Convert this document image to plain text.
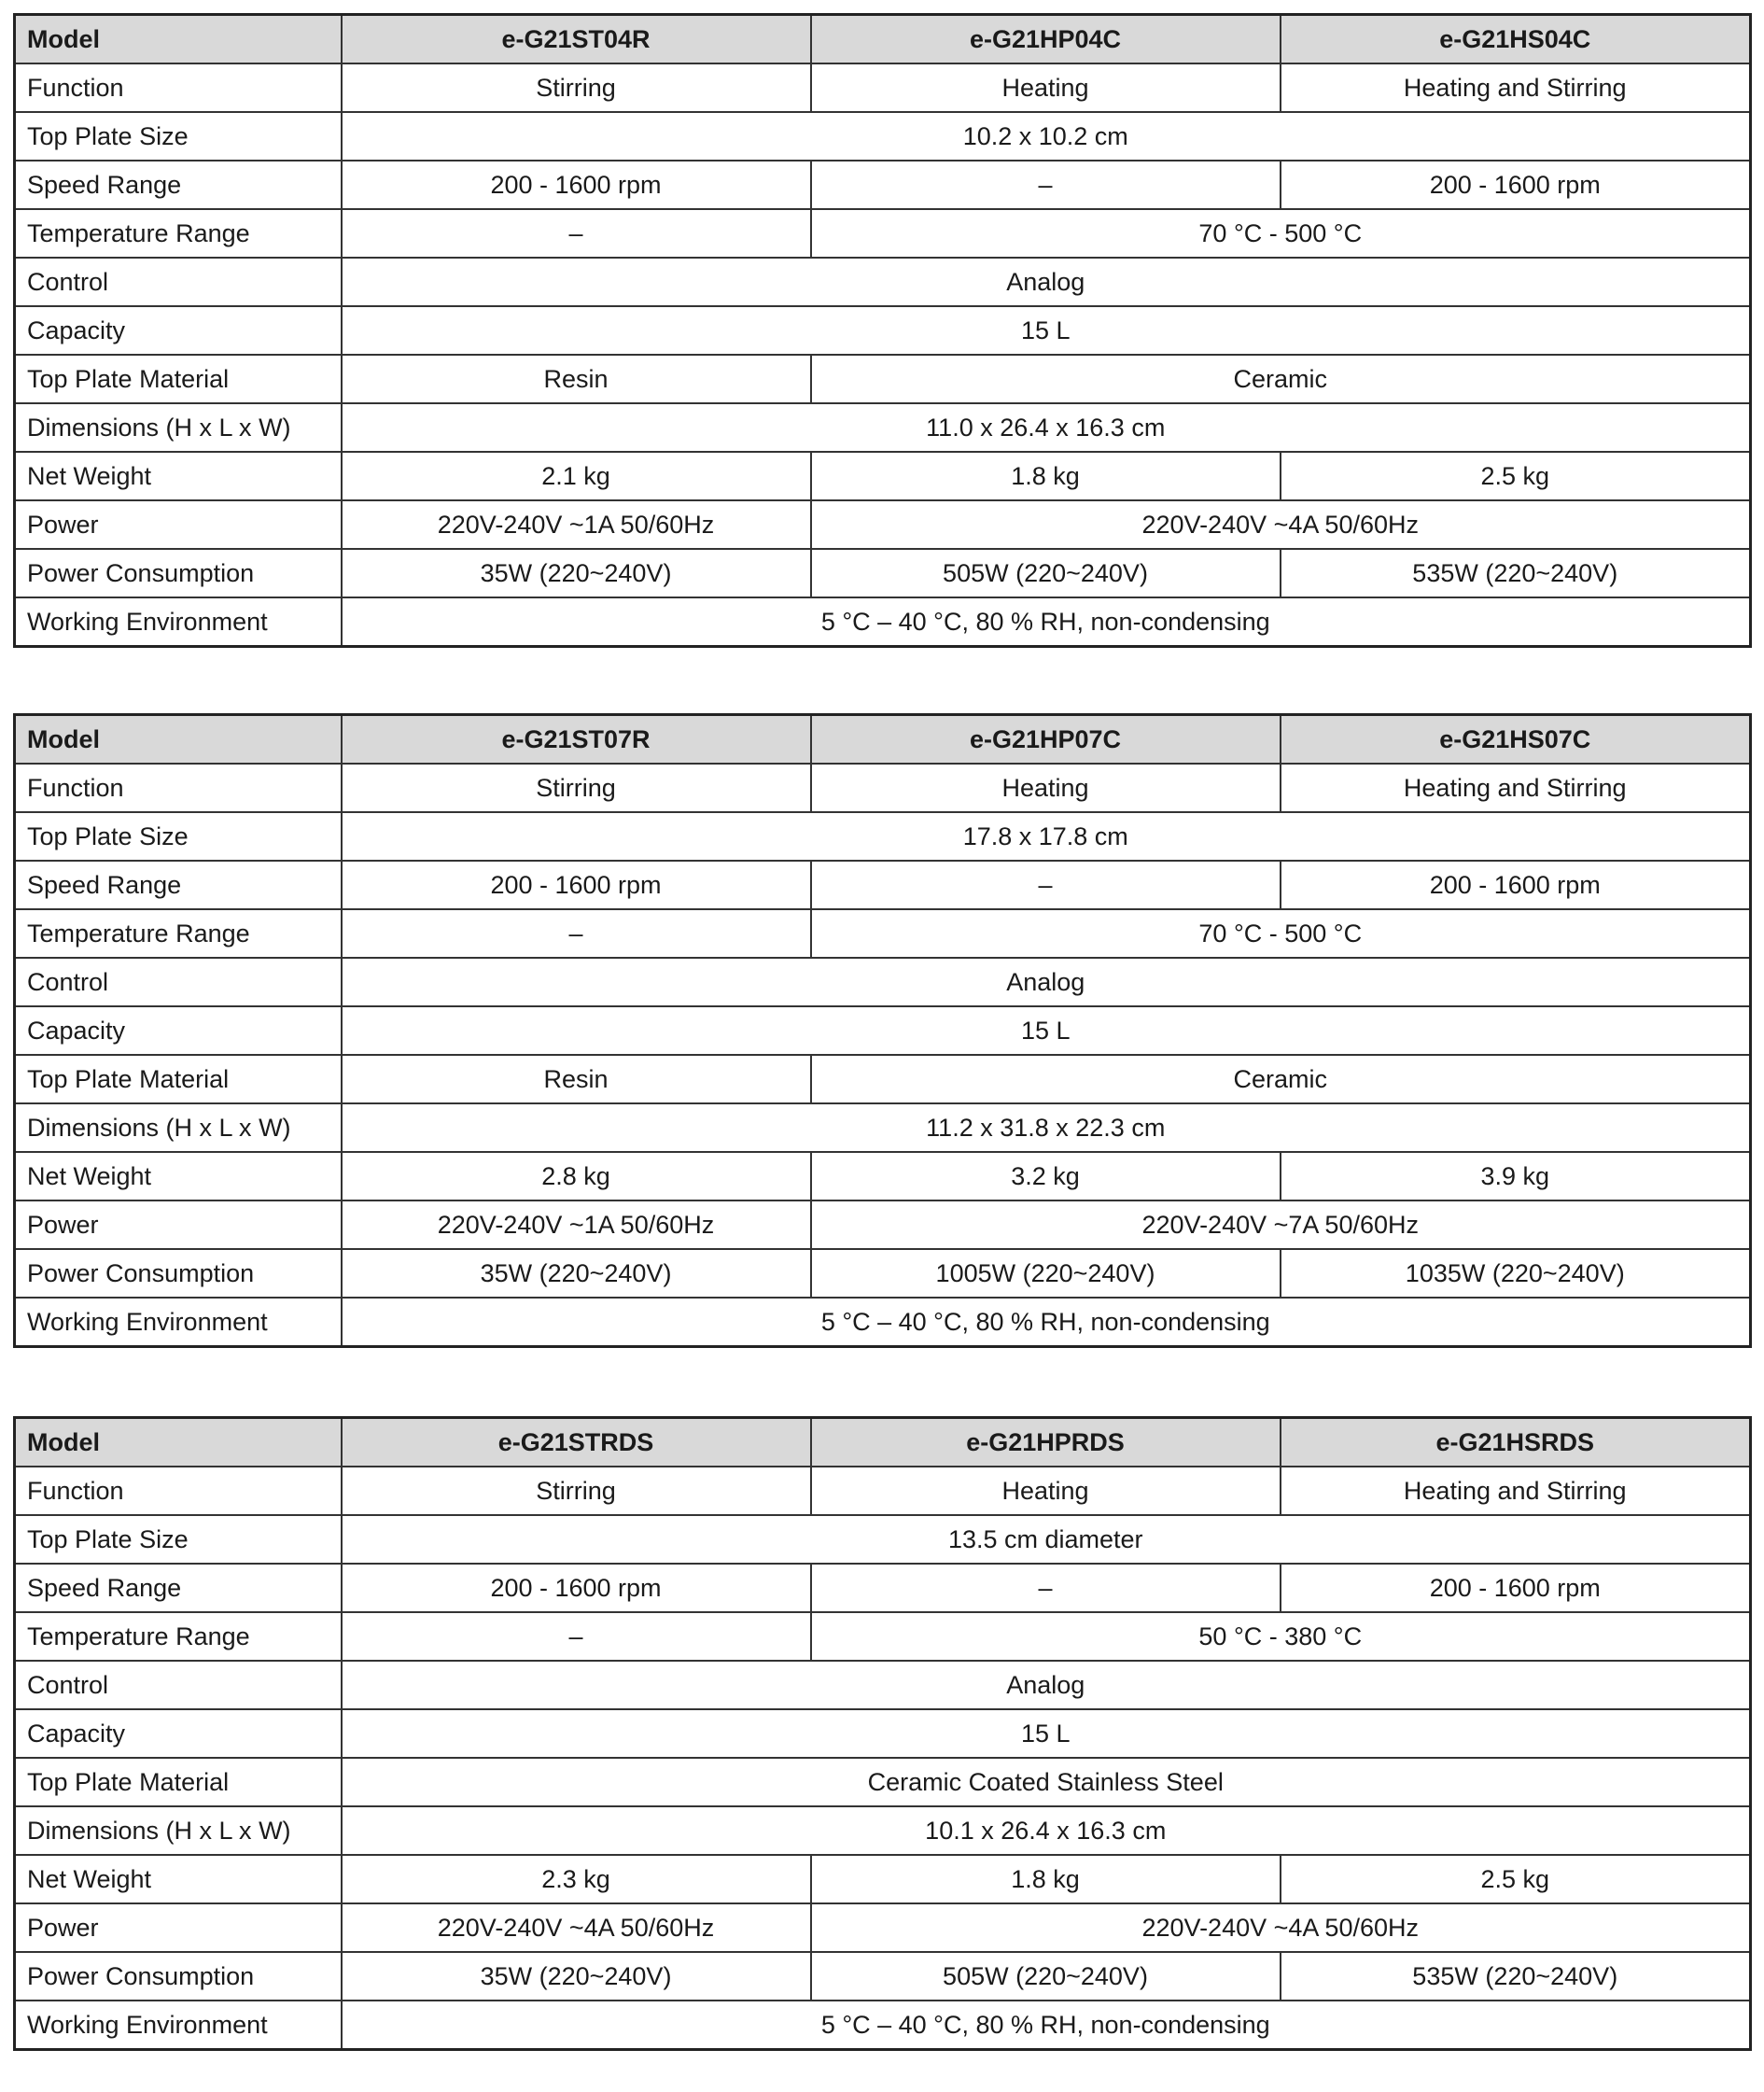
Model	e-G21ST04R	e-G21HP04C	e-G21HS04C
Function	Stirring	Heating	Heating and Stirring
Top Plate Size	10.2 x 10.2 cm		
Speed Range	200 - 1600 rpm	–	200 - 1600 rpm
Temperature Range	–	70 °C - 500 °C	
Control	Analog		
Capacity	15 L		
Top Plate Material	Resin	Ceramic	
Dimensions (H x L x W)	11.0 x 26.4 x 16.3 cm		
Net Weight	2.1 kg	1.8 kg	2.5 kg
Power	220V-240V ~1A 50/60Hz	220V-240V ~4A 50/60Hz	
Power Consumption	35W (220~240V)	505W (220~240V)	535W (220~240V)
Working Environment	5 °C – 40 °C, 80 % RH, non-condensing		
Model	e-G21ST07R	e-G21HP07C	e-G21HS07C
Function	Stirring	Heating	Heating and Stirring
Top Plate Size	17.8 x 17.8 cm		
Speed Range	200 - 1600 rpm	–	200 - 1600 rpm
Temperature Range	–	70 °C - 500 °C	
Control	Analog		
Capacity	15 L		
Top Plate Material	Resin	Ceramic	
Dimensions (H x L x W)	11.2 x 31.8 x 22.3 cm		
Net Weight	2.8 kg	3.2 kg	3.9 kg
Power	220V-240V ~1A 50/60Hz	220V-240V ~7A 50/60Hz	
Power Consumption	35W (220~240V)	1005W (220~240V)	1035W (220~240V)
Working Environment	5 °C – 40 °C, 80 % RH, non-condensing		
Model	e-G21STRDS	e-G21HPRDS	e-G21HSRDS
Function	Stirring	Heating	Heating and Stirring
Top Plate Size	13.5 cm diameter		
Speed Range	200 - 1600 rpm	–	200 - 1600 rpm
Temperature Range	–	50 °C - 380 °C	
Control	Analog		
Capacity	15 L		
Top Plate Material	Ceramic Coated Stainless Steel		
Dimensions (H x L x W)	10.1 x 26.4 x 16.3 cm		
Net Weight	2.3 kg	1.8 kg	2.5 kg
Power	220V-240V ~4A 50/60Hz	220V-240V ~4A 50/60Hz	
Power Consumption	35W (220~240V)	505W (220~240V)	535W (220~240V)
Working Environment	5 °C – 40 °C, 80 % RH, non-condensing		
